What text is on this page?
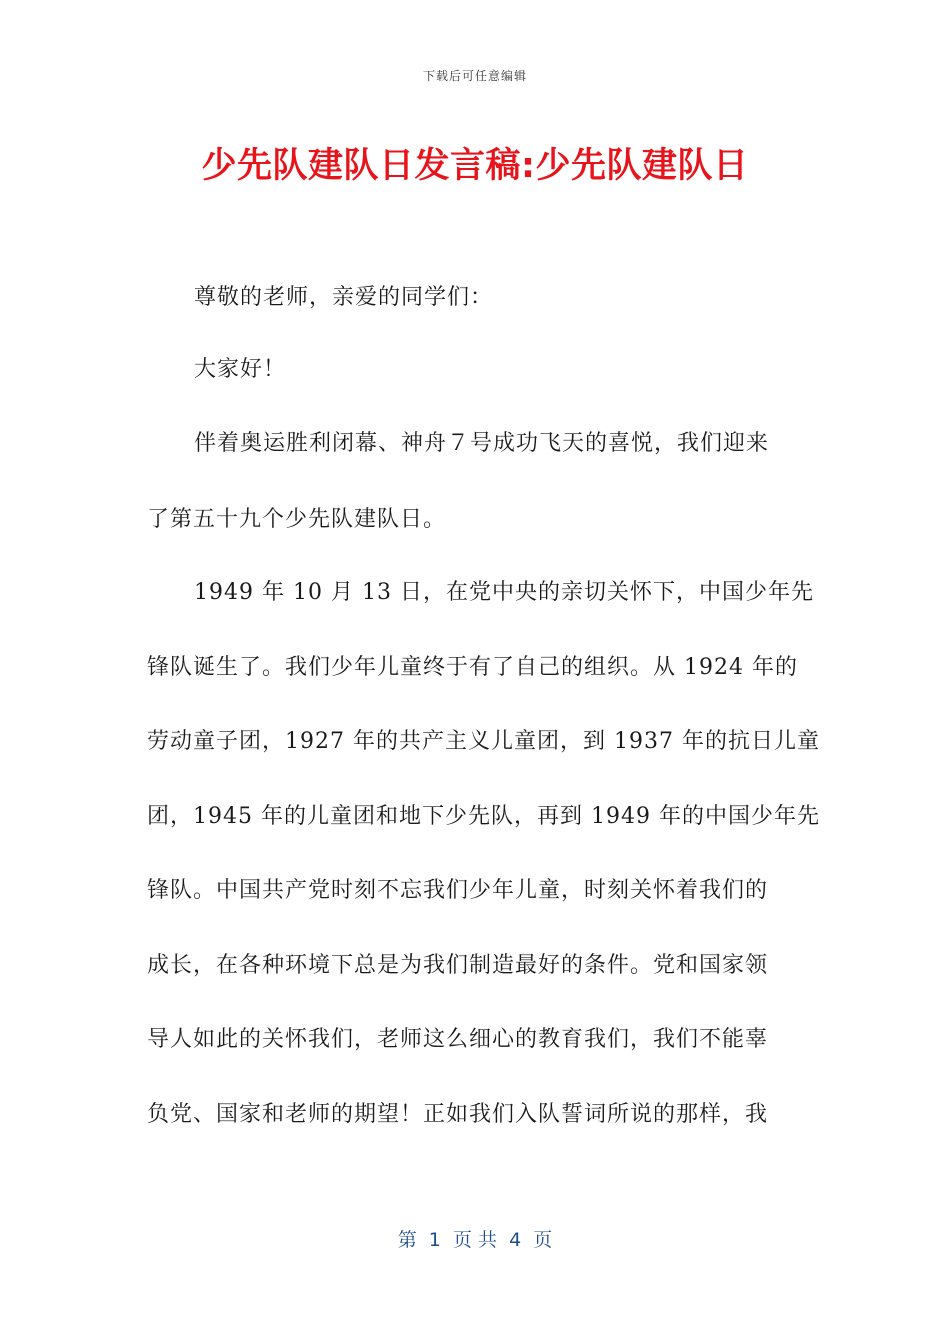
下载后可任意编辑
少先队建队日发言稿:少先队建队日
尊敬的老师，亲爱的同学们：
大家好！
伴着奥运胜利闭幕、神舟７号成功飞天的喜悦，我们迎来
了第五十九个少先队建队日。
1949 年 10 月 13 日，在党中央的亲切关怀下，中国少年先
锋队诞生了。我们少年儿童终于有了自己的组织。从 1924 年的
劳动童子团，1927 年的共产主义儿童团，到 1937 年的抗日儿童
团，1945 年的儿童团和地下少先队，再到 1949 年的中国少年先
锋队。中国共产党时刻不忘我们少年儿童，时刻关怀着我们的
成长，在各种环境下总是为我们制造最好的条件。党和国家领
导人如此的关怀我们，老师这么细心的教育我们，我们不能辜
负党、国家和老师的期望！正如我们入队誓词所说的那样，我
第  1  页 共  4  页
